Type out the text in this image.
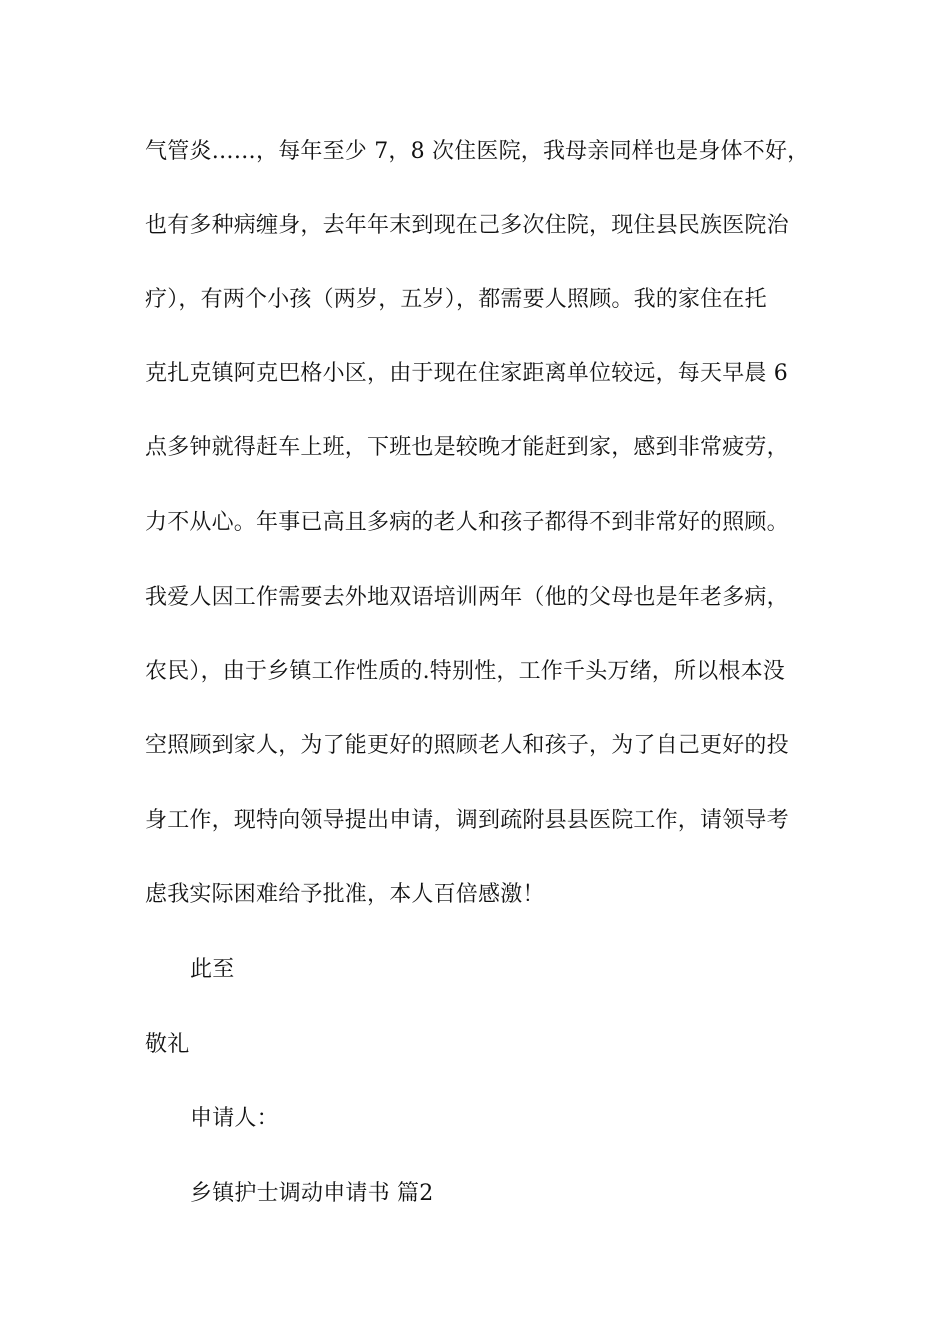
气管炎……，每年至少 7，8 次住医院，我母亲同样也是身体不好，
也有多种病缠身，去年年末到现在己多次住院，现住县民族医院治
疗），有两个小孩（两岁，五岁），都需要人照顾。我的家住在托
克扎克镇阿克巴格小区，由于现在住家距离单位较远，每天早晨 6
点多钟就得赶车上班，下班也是较晚才能赶到家，感到非常疲劳，
力不从心。年事已高且多病的老人和孩子都得不到非常好的照顾。
我爱人因工作需要去外地双语培训两年（他的父母也是年老多病，
农民），由于乡镇工作性质的.特别性，工作千头万绪，所以根本没
空照顾到家人，为了能更好的照顾老人和孩子，为了自己更好的投
身工作，现特向领导提出申请，调到疏附县县医院工作，请领导考
虑我实际困难给予批准，本人百倍感激！
此至
敬礼
申请人：
乡镇护士调动申请书 篇2
